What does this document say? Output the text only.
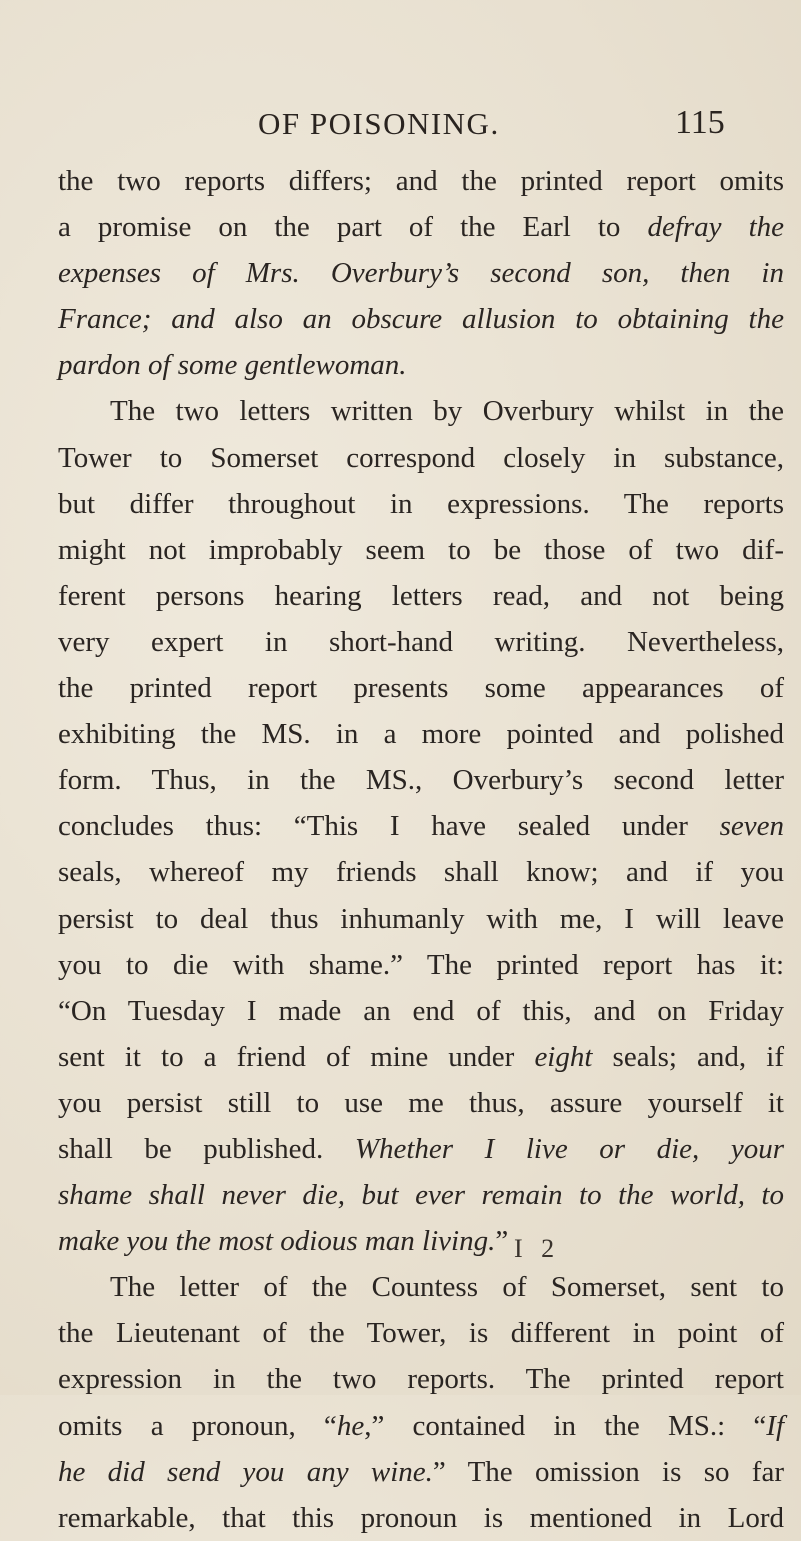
OF POISONING.	115
the two reports differs; and the printed report omits
a promise on the part of the Earl to defray the
expenses of Mrs. Overbury’s second son, then in
France; and also an obscure allusion to obtaining the
pardon of some gentlewoman.
The two letters written by Overbury whilst in the
Tower to Somerset correspond closely in substance,
but differ throughout in expressions. The reports
might not improbably seem to be those of two dif-
ferent persons hearing letters read, and not being
very expert in short-hand writing. Nevertheless,
the printed report presents some appearances of
exhibiting the MS. in a more pointed and polished
form. Thus, in the MS., Overbury’s second letter
concludes thus: “This I have sealed under seven
seals, whereof my friends shall know; and if you
persist to deal thus inhumanly with me, I will leave
you to die with shame.” The printed report has it:
“On Tuesday I made an end of this, and on Friday
sent it to a friend of mine under eight seals; and, if
you persist still to use me thus, assure yourself it
shall be published. Whether I live or die, your
shame shall never die, but ever remain to the world, to
make you the most odious man living.”
The letter of the Countess of Somerset, sent to
the Lieutenant of the Tower, is different in point of
expression in the two reports. The printed report
omits a pronoun, “he,” contained in the MS.: “If
he did send you any wine.” The omission is so far
remarkable, that this pronoun is mentioned in Lord
I 2
